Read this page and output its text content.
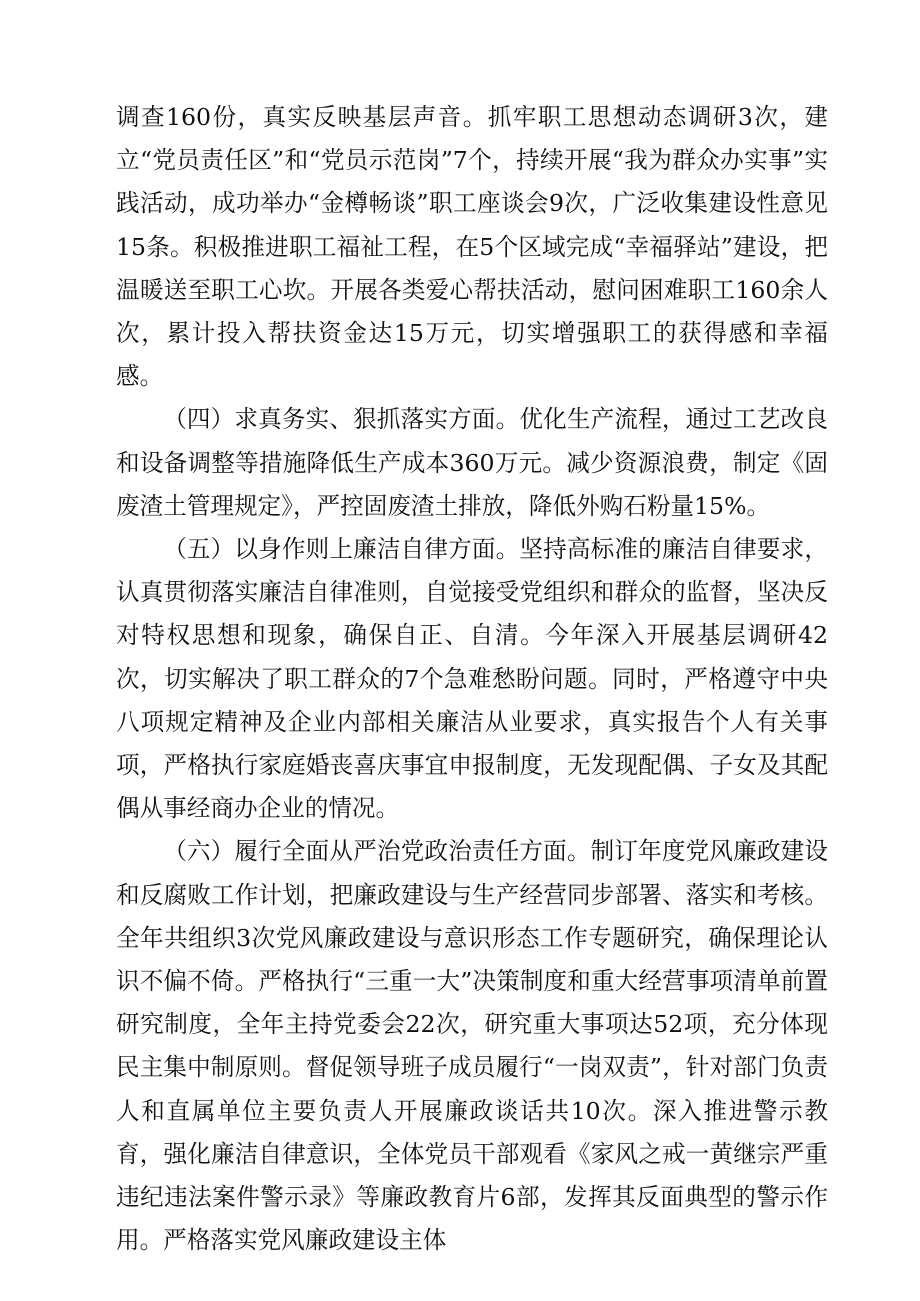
调查160份，真实反映基层声音。抓牢职工思想动态调研3次，建立“党员责任区”和“党员示范岗”7个，持续开展“我为群众办实事”实践活动，成功举办“金樽畅谈”职工座谈会9次，广泛收集建设性意见15条。积极推进职工福祉工程，在5个区域完成“幸福驿站”建设，把温暖送至职工心坎。开展各类爱心帮扶活动，慰问困难职工160余人次，累计投入帮扶资金达15万元，切实增强职工的获得感和幸福感。

（四）求真务实、狠抓落实方面。优化生产流程，通过工艺改良和设备调整等措施降低生产成本360万元。减少资源浪费，制定《固废渣土管理规定》，严控固废渣土排放，降低外购石粉量15%。

（五）以身作则上廉洁自律方面。坚持高标准的廉洁自律要求，认真贯彻落实廉洁自律准则，自觉接受党组织和群众的监督，坚决反对特权思想和现象，确保自正、自清。今年深入开展基层调研42次，切实解决了职工群众的7个急难愁盼问题。同时，严格遵守中央八项规定精神及企业内部相关廉洁从业要求，真实报告个人有关事项，严格执行家庭婚丧喜庆事宜申报制度，无发现配偶、子女及其配偶从事经商办企业的情况。

（六）履行全面从严治党政治责任方面。制订年度党风廉政建设和反腐败工作计划，把廉政建设与生产经营同步部署、落实和考核。全年共组织3次党风廉政建设与意识形态工作专题研究，确保理论认识不偏不倚。严格执行“三重一大”决策制度和重大经营事项清单前置研究制度，全年主持党委会22次，研究重大事项达52项，充分体现民主集中制原则。督促领导班子成员履行“一岗双责”，针对部门负责人和直属单位主要负责人开展廉政谈话共10次。深入推进警示教育，强化廉洁自律意识，全体党员干部观看《家风之戒一黄继宗严重违纪违法案件警示录》等廉政教育片6部，发挥其反面典型的警示作用。严格落实党风廉政建设主体
